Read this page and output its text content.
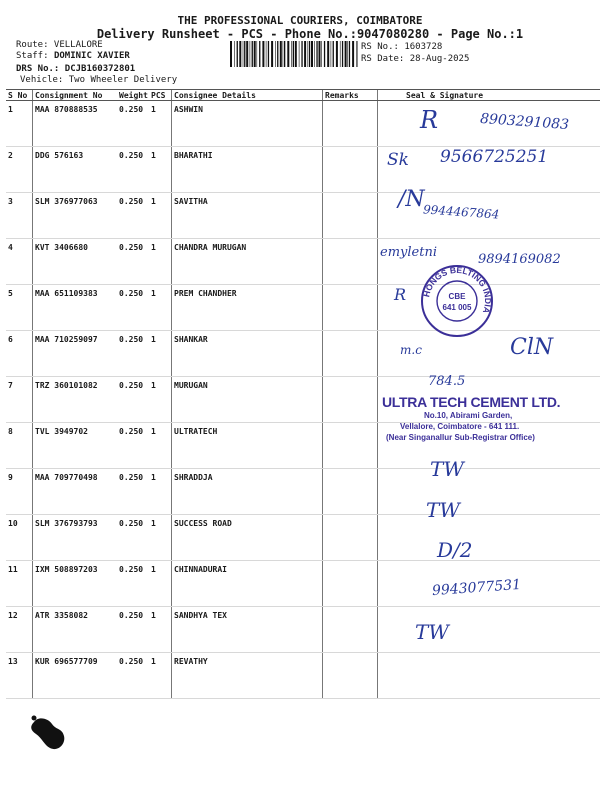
THE PROFESSIONAL COURIERS, COIMBATORE
Delivery Runsheet - PCS - Phone No.:9047080280 - Page No.:1
Route: VELLALORE
Staff: DOMINIC XAVIER
DRS No.: DCJB160372801
Vehicle: Two Wheeler Delivery
RS No.: 1603728
RS Date: 28-Aug-2025
S No	Consignment No	Weight	PCS	Consignee Details	Remarks	Seal & Signature
1	MAA 870888535	0.250	1	ASHWIN		
2	DDG 576163	0.250	1	BHARATHI		
3	SLM 376977063	0.250	1	SAVITHA		
4	KVT 3406680	0.250	1	CHANDRA MURUGAN		
5	MAA 651109383	0.250	1	PREM CHANDHER		
6	MAA 710259097	0.250	1	SHANKAR		
7	TRZ 360101082	0.250	1	MURUGAN		
8	TVL 3949702	0.250	1	ULTRATECH		
9	MAA 709770498	0.250	1	SHRADDJA		
10	SLM 376793793	0.250	1	SUCCESS ROAD		
11	IXM 508897203	0.250	1	CHINNADURAI		
12	ATR 3358082	0.250	1	SANDHYA TEX		
13	KUR 696577709	0.250	1	REVATHY		
R	8903291083
Sk 9566725251
/N
9944467864
emyletni	9894169082
R
m.c	ClN
784.5
TW
TW
D/2
9943077531
TW
HONGS BELTING INDIA
CBE
641 005
ULTRA TECH CEMENT LTD.
No.10, Abirami Garden,
Vellalore, Coimbatore - 641 111.
(Near Singanallur Sub-Registrar Office)
